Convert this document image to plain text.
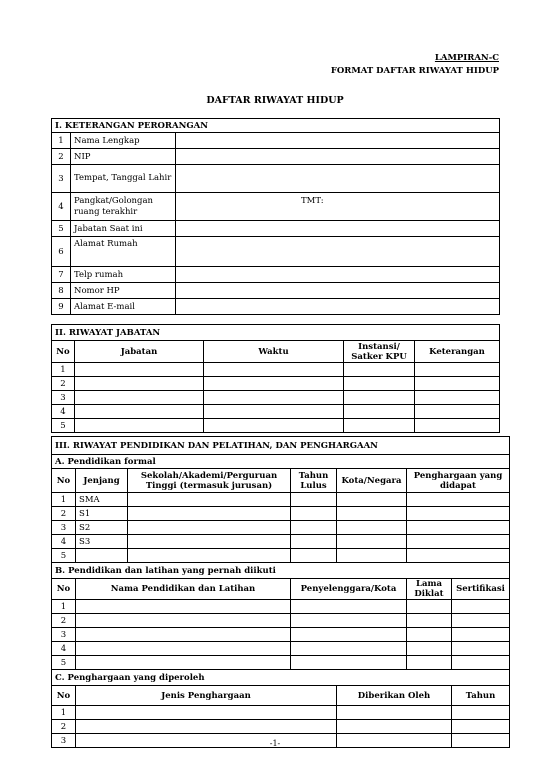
LAMPIRAN-C
FORMAT DAFTAR RIWAYAT HIDUP
DAFTAR RIWAYAT HIDUP
I. KETERANGAN PERORANGAN		
1	Nama Lengkap	
2	NIP	
3	Tempat, Tanggal Lahir	
4	Pangkat/Golongan ruang terakhir	TMT:
5	Jabatan Saat ini	
6	Alamat Rumah	
7	Telp rumah	
8	Nomor HP	
9	Alamat E-mail	
II. RIWAYAT JABATAN				
No	Jabatan	Waktu	Instansi/ Satker KPU	Keterangan
1				
2				
3				
4				
5				
III. RIWAYAT PENDIDIKAN DAN PELATIHAN, DAN PENGHARGAAN						
A. Pendidikan formal						
No	Jenjang	Sekolah/Akademi/Perguruan Tinggi (termasuk jurusan)	Tahun Lulus	Kota/Negara	Penghargaan yang didapat	
1	SMA					
2	S1					
3	S2					
4	S3					
5						
B. Pendidikan dan latihan yang pernah diikuti						
No	Nama Pendidikan dan Latihan		Penyelenggara/Kota		Lama Diklat	Sertifikasi
1						
2						
3						
4						
5						
C. Penghargaan yang diperoleh						
No	Jenis Penghargaan			Diberikan Oleh		Tahun
1						
2						
3							-1-
